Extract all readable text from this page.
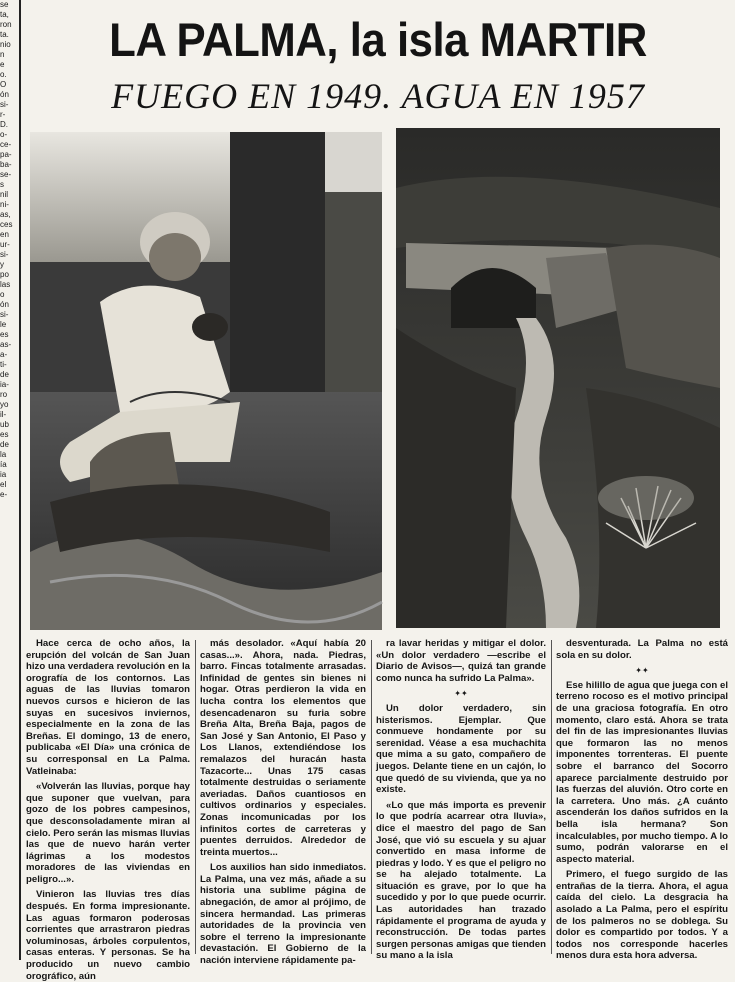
se
ta,
ron
ta.
nio
n
e
o.
O
ón
si-
r-
D.
o-
ce-
pa-
ba-
se-
s
nil
ni-
as,
ces
en
ur-
si-
y
po
las
o
ón
si-
le
es
as-
a-
ti-
de
ia-
ro
yo
il-
ub
es
de
la
ía
ia
el
e-
LA PALMA, la isla MARTIR
FUEGO EN 1949. AGUA EN 1957

Hace cerca de ocho años, la erupción del volcán de San Juan hizo una verdadera revolución en la orografía de los contornos. Las aguas de las lluvias tomaron nuevos cursos e hicieron de las suyas en sucesivos inviernos, especialmente en la zona de las Breñas. El domingo, 13 de enero, publicaba «El Día» una crónica de su corresponsal en La Palma. Vatleinaba:

«Volverán las lluvias, porque hay que suponer que vuelvan, para gozo de los pobres campesinos, que desconsoladamente miran al cielo. Pero serán las mismas lluvias las que de nuevo harán verter lágrimas a los modestos moradores de las viviendas en peligro...».

Vinieron las lluvias tres días después. En forma impresionante. Las aguas formaron poderosas corrientes que arrastraron piedras voluminosas, árboles corpulentos, casas enteras. Y personas. Se ha producido un nuevo cambio orográfico, aún

más desolador. «Aquí había 20 casas...». Ahora, nada. Piedras, barro. Fincas totalmente arrasadas. Infinidad de gentes sin bienes ni hogar. Otras perdieron la vida en lucha contra los elementos que desencadenaron su furia sobre Breña Alta, Breña Baja, pagos de San José y San Antonio, El Paso y Los Llanos, extendiéndose los remalazos del huracán hasta Tazacorte... Unas 175 casas totalmente destruidas o seriamente averiadas. Daños cuantiosos en cultivos ordinarios y especiales. Zonas incomunicadas por los infinitos cortes de carreteras y puentes derruidos. Alrededor de treinta muertos...

Los auxilios han sido inmediatos. La Palma, una vez más, añade a su historia una sublime página de abnegación, de amor al prójimo, de sincera hermandad. Las primeras autoridades de la provincia ven sobre el terreno la impresionante devastación. El Gobierno de la nación interviene rápidamente pa-

ra lavar heridas y mitigar el dolor. «Un dolor verdadero —escribe el Diario de Avisos—, quizá tan grande como nunca ha sufrido La Palma».

✦✦

Un dolor verdadero, sin histerismos. Ejemplar. Que conmueve hondamente por su serenidad. Véase a esa muchachita que mima a su gato, compañero de juegos. Delante tiene en un cajón, lo que quedó de su vivienda, que ya no existe.

«Lo que más importa es prevenir lo que podría acarrear otra lluvia», dice el maestro del pago de San José, que vió su escuela y su ajuar convertido en masa informe de piedras y lodo. Y es que el peligro no se ha alejado totalmente. La situación es grave, por lo que ha sucedido y por lo que puede ocurrir. Las autoridades han trazado rápidamente el programa de ayuda y reconstrucción. De todas partes surgen personas amigas que tienden su mano a la isla

desventurada. La Palma no está sola en su dolor.

✦✦

Ese hilillo de agua que juega con el terreno rocoso es el motivo principal de una graciosa fotografía. En otro momento, claro está. Ahora se trata del fin de las impresionantes lluvias que formaron las no menos imponentes torrenteras. El puente sobre el barranco del Socorro aparece parcialmente destruido por las fuerzas del aluvión. Otro corte en la carretera. Uno más. ¿A cuánto ascenderán los daños sufridos en la bella isla hermana? Son incalculables, por mucho tiempo. A lo sumo, podrán valorarse en el aspecto material.

Primero, el fuego surgido de las entrañas de la tierra. Ahora, el agua caída del cielo. La desgracia ha asolado a La Palma, pero el espíritu de los palmeros no se doblega. Su dolor es compartido por todos. Y a todos nos corresponde hacerles menos dura esta hora adversa.
